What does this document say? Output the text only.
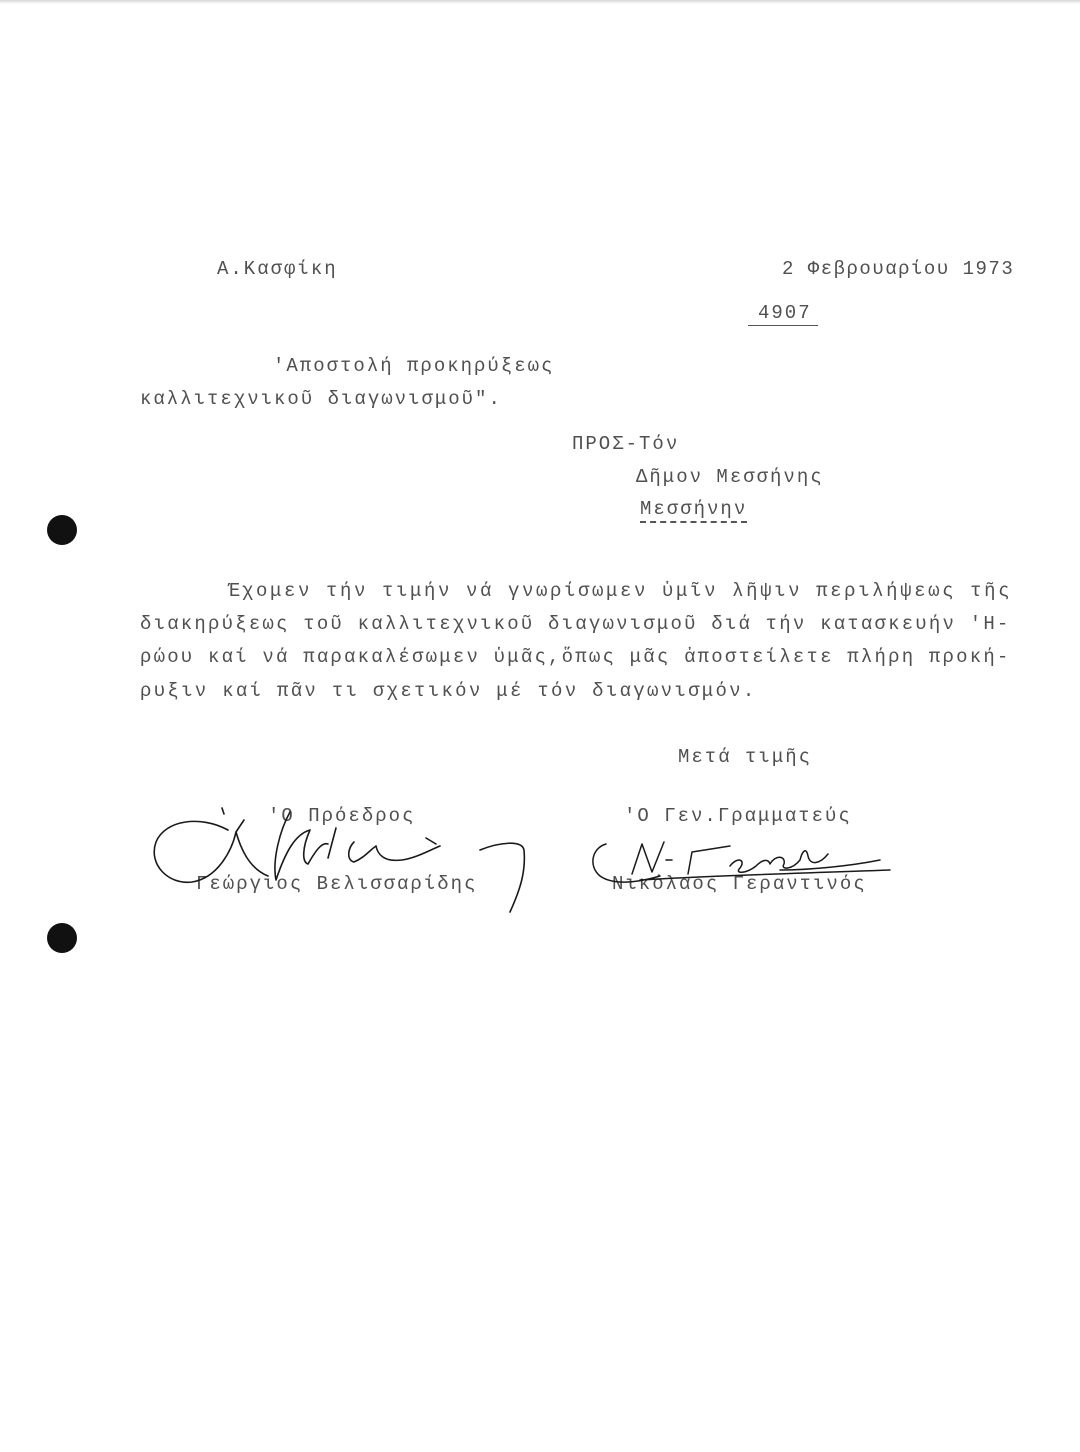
Α.Κασφίκη	2 Φεβρουαρίου 1973
4907
'Αποστολή προκηρύξεως
καλλιτεχνικοῦ διαγωνισμοῦ".
ΠΡΟΣ-Τόν
Δῆμον Μεσσήνης
Μεσσήνην
Έχομεν τήν τιμήν νά γνωρίσωμεν ὑμῖν λῆψιν περιλήψεως τῆς
διακηρύξεως τοῦ καλλιτεχνικοῦ διαγωνισμοῦ διά τήν κατασκευήν 'Η-
ρώου καί νά παρακαλέσωμεν ὑμᾶς,ὅπως μᾶς ἀποστείλετε πλήρη προκή-
ρυξιν καί πᾶν τι σχετικόν μέ τόν διαγωνισμόν.
Μετά τιμῆς
'Ο Πρόεδρος
Γεώργιος Βελισσαρίδης
'Ο Γεν.Γραμματεύς
Νικόλαος Γεραντινός
